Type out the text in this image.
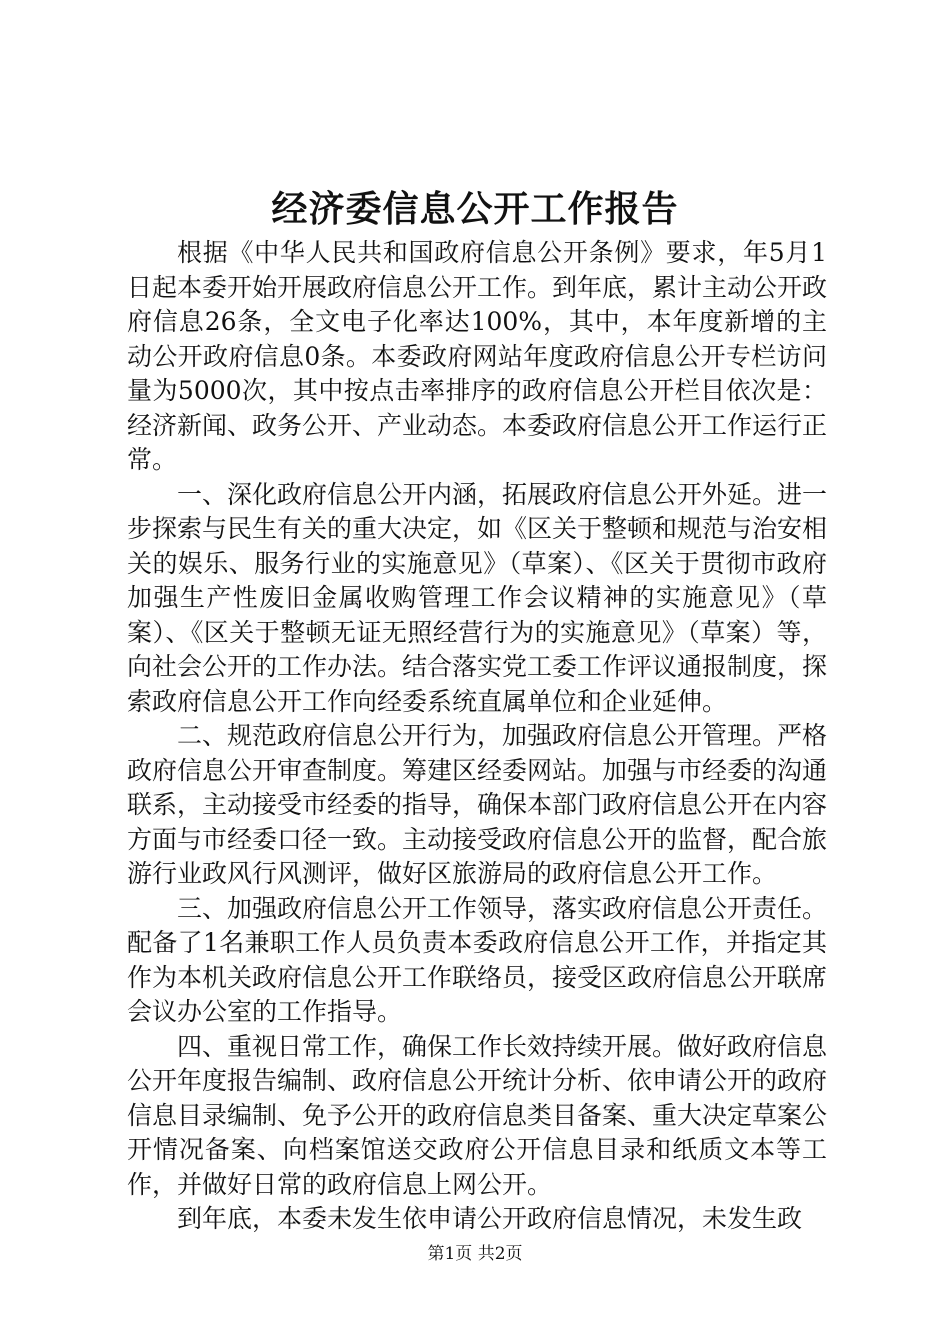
经济委信息公开工作报告

根据《中华人民共和国政府信息公开条例》要求，年5月1日起本委开始开展政府信息公开工作。到年底，累计主动公开政府信息26条，全文电子化率达100%，其中，本年度新增的主动公开政府信息0条。本委政府网站年度政府信息公开专栏访问量为5000次，其中按点击率排序的政府信息公开栏目依次是：经济新闻、政务公开、产业动态。本委政府信息公开工作运行正常。

一、深化政府信息公开内涵，拓展政府信息公开外延。进一步探索与民生有关的重大决定，如《区关于整顿和规范与治安相关的娱乐、服务行业的实施意见》（草案）、《区关于贯彻市政府加强生产性废旧金属收购管理工作会议精神的实施意见》（草案）、《区关于整顿无证无照经营行为的实施意见》（草案）等，向社会公开的工作办法。结合落实党工委工作评议通报制度，探索政府信息公开工作向经委系统直属单位和企业延伸。

二、规范政府信息公开行为，加强政府信息公开管理。严格政府信息公开审查制度。筹建区经委网站。加强与市经委的沟通联系，主动接受市经委的指导，确保本部门政府信息公开在内容方面与市经委口径一致。主动接受政府信息公开的监督，配合旅游行业政风行风测评，做好区旅游局的政府信息公开工作。

三、加强政府信息公开工作领导，落实政府信息公开责任。配备了1名兼职工作人员负责本委政府信息公开工作，并指定其作为本机关政府信息公开工作联络员，接受区政府信息公开联席会议办公室的工作指导。

四、重视日常工作，确保工作长效持续开展。做好政府信息公开年度报告编制、政府信息公开统计分析、依申请公开的政府信息目录编制、免予公开的政府信息类目备案、重大决定草案公开情况备案、向档案馆送交政府公开信息目录和纸质文本等工作，并做好日常的政府信息上网公开。

到年底，本委未发生依申请公开政府信息情况，未发生政

第1页 共2页
